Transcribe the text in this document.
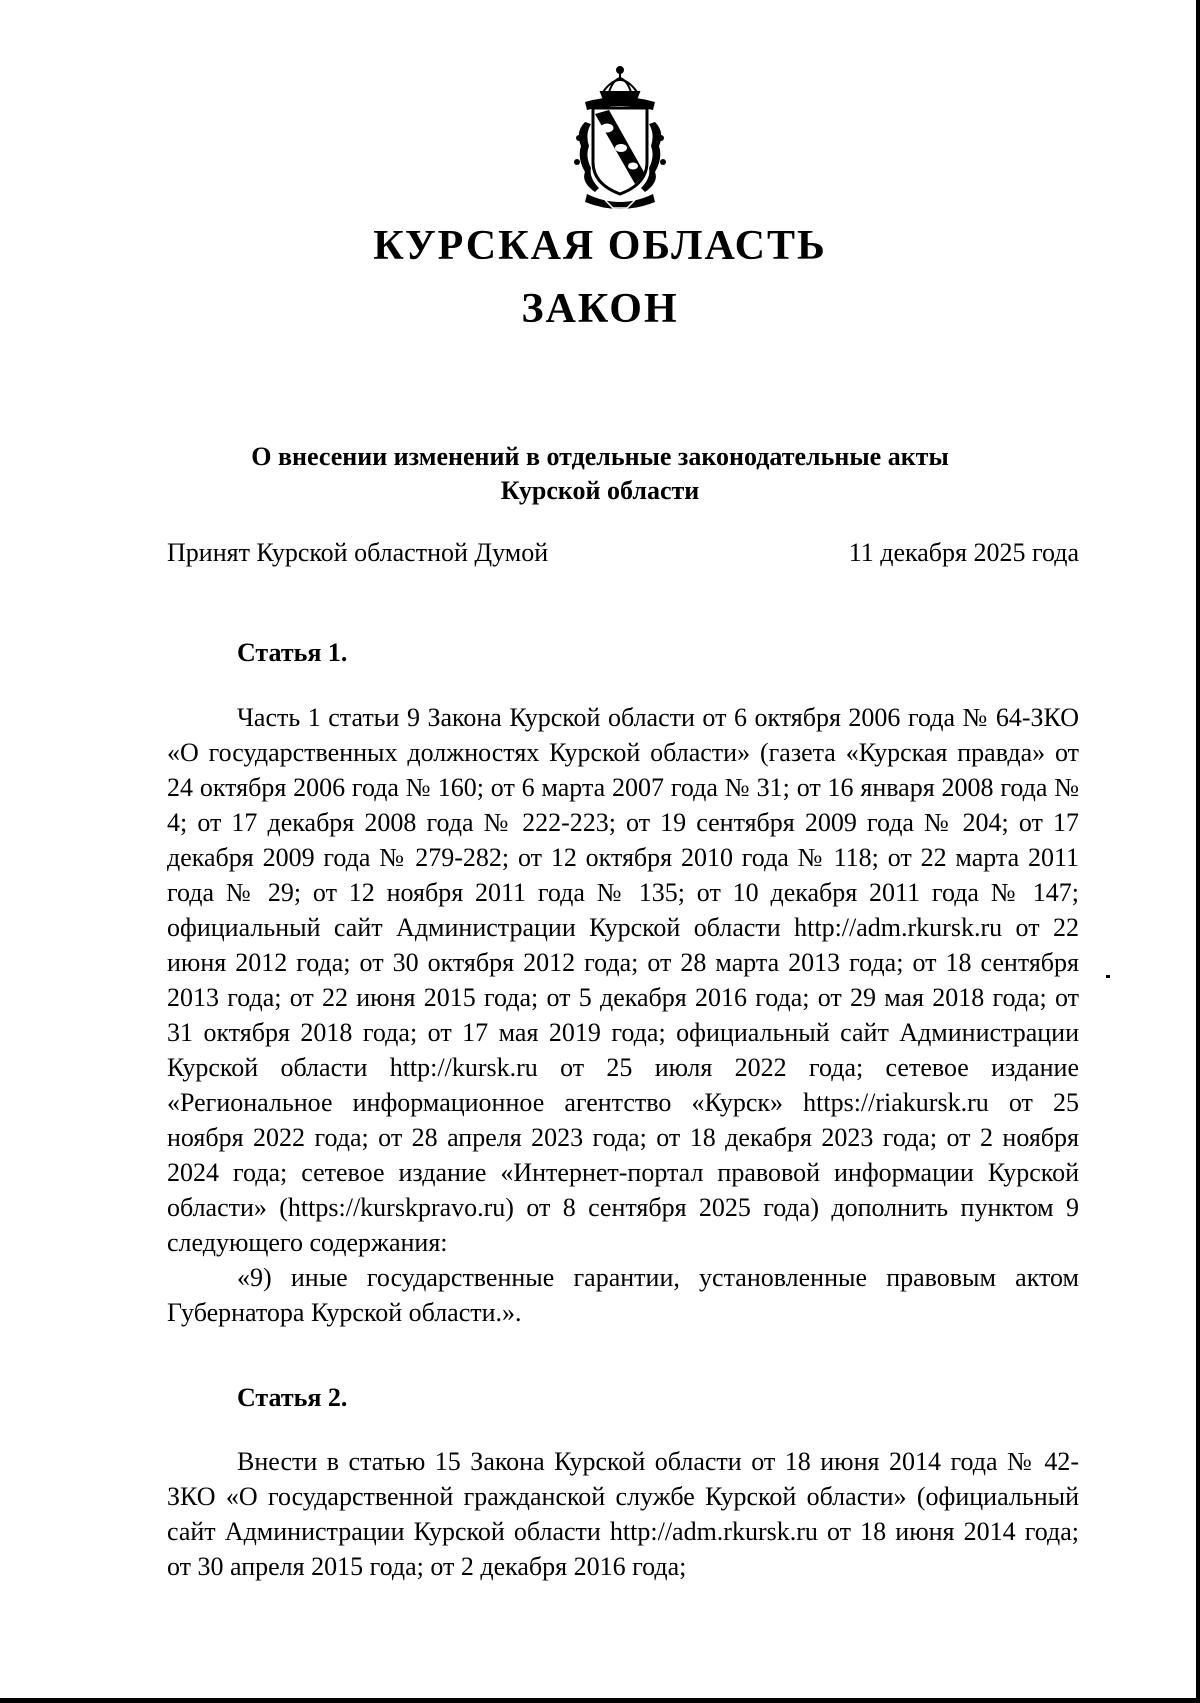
КУРСКАЯ ОБЛАСТЬ
ЗАКОН
О внесении изменений в отдельные законодательные акты
Курской области
Принят Курской областной Думой	11 декабря 2025 года
Статья 1.

Часть 1 статьи 9 Закона Курской области от 6 октября 2006 года № 64-ЗКО «О государственных должностях Курской области» (газета «Курская правда» от 24 октября 2006 года № 160; от 6 марта 2007 года № 31; от 16 января 2008 года № 4; от 17 декабря 2008 года № 222-223; от 19 сентября 2009 года № 204; от 17 декабря 2009 года № 279-282; от 12 октября 2010 года № 118; от 22 марта 2011 года № 29; от 12 ноября 2011 года № 135; от 10 декабря 2011 года № 147; официальный сайт Администрации Курской области http://adm.rkursk.ru от 22 июня 2012 года; от 30 октября 2012 года; от 28 марта 2013 года; от 18 сентября 2013 года; от 22 июня 2015 года; от 5 декабря 2016 года; от 29 мая 2018 года; от 31 октября 2018 года; от 17 мая 2019 года; официальный сайт Администрации Курской области http://kursk.ru от 25 июля 2022 года; сетевое издание «Региональное информационное агентство «Курск» https://riakursk.ru от 25 ноября 2022 года; от 28 апреля 2023 года; от 18 декабря 2023 года; от 2 ноября 2024 года; сетевое издание «Интернет-портал правовой информации Курской области» (https://kurskpravo.ru) от 8 сентября 2025 года) дополнить пунктом 9 следующего содержания:

«9) иные государственные гарантии, установленные правовым актом Губернатора Курской области.».

Статья 2.

Внести в статью 15 Закона Курской области от 18 июня 2014 года № 42-ЗКО «О государственной гражданской службе Курской области» (официальный сайт Администрации Курской области http://adm.rkursk.ru от 18 июня 2014 года; от 30 апреля 2015 года; от 2 декабря 2016 года;
